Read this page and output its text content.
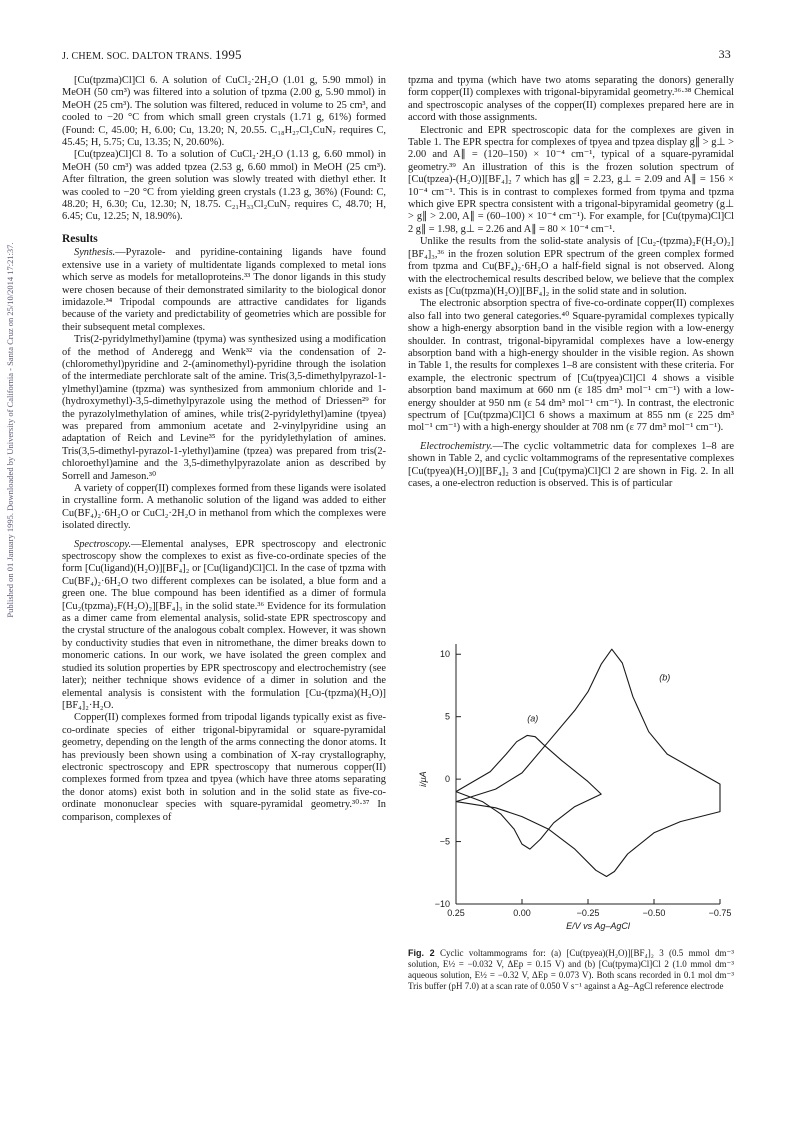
J. CHEM. SOC. DALTON TRANS. 1995	33
Published on 01 January 1995. Downloaded by University of California - Santa Cruz on 25/10/2014 17:21:37.

[Cu(tpzma)Cl]Cl 6. A solution of CuCl₂·2H₂O (1.01 g, 5.90 mmol) in MeOH (50 cm³) was filtered into a solution of tpzma (2.00 g, 5.90 mmol) in MeOH (25 cm³). The solution was filtered, reduced in volume to 25 cm³, and cooled to −20 °C from which small green crystals (1.71 g, 61%) formed (Found: C, 45.00; H, 6.00; Cu, 13.20; N, 20.55. C₁₈H₂₇Cl₂CuN₇ requires C, 45.45; H, 5.75; Cu, 13.35; N, 20.60%).

[Cu(tpzea)Cl]Cl 8. To a solution of CuCl₂·2H₂O (1.13 g, 6.60 mmol) in MeOH (50 cm³) was added tpzea (2.53 g, 6.60 mmol) in MeOH (25 cm³). After filtration, the green solution was slowly treated with diethyl ether. It was cooled to −20 °C from yielding green crystals (1.23 g, 36%) (Found: C, 48.20; H, 6.30; Cu, 12.30; N, 18.75. C₂₁H₃₃Cl₂CuN₇ requires C, 48.70; H, 6.45; Cu, 12.25; N, 18.90%).

Results

Synthesis.—Pyrazole- and pyridine-containing ligands have found extensive use in a variety of multidentate ligands complexed to metal ions which serve as models for metalloproteins.³³ The donor ligands in this study were chosen because of their demonstrated similarity to the biological donor imidazole.³⁴ Tripodal compounds are attractive candidates for ligands because of the variety and predictability of geometries which are possible for their subsequent metal complexes.

Tris(2-pyridylmethyl)amine (tpyma) was synthesized using a modification of the method of Anderegg and Wenk³² via the condensation of 2-(chloromethyl)pyridine and 2-(aminomethyl)-pyridine through the isolation of the intermediate perchlorate salt of the amine. Tris(3,5-dimethylpyrazol-1-ylmethyl)amine (tpzma) was synthesized from ammonium chloride and 1-(hydroxymethyl)-3,5-dimethylpyrazole using the method of Driessen²⁹ for the pyrazolylmethylation of amines, while tris(2-pyridylethyl)amine (tpyea) was prepared from ammonium acetate and 2-vinylpyridine using an adaptation of Reich and Levine³⁵ for the pyridylethylation of amines. Tris(3,5-dimethyl-pyrazol-1-ylethyl)amine (tpzea) was prepared from tris(2-chloroethyl)amine and the 3,5-dimethylpyrazolate anion as described by Sorrell and Jameson.³⁰

A variety of copper(II) complexes formed from these ligands were isolated in crystalline form. A methanolic solution of the ligand was added to either Cu(BF₄)₂·6H₂O or CuCl₂·2H₂O in methanol from which the complexes were isolated directly.

Spectroscopy.—Elemental analyses, EPR spectroscopy and electronic spectroscopy show the complexes to exist as five-co-ordinate species of the form [Cu(ligand)(H₂O)][BF₄]₂ or [Cu(ligand)Cl]Cl. In the case of tpzma with Cu(BF₄)₂·6H₂O two different complexes can be isolated, a blue form and a green one. The blue compound has been identified as a dimer of formula [Cu₂(tpzma)₂F(H₂O)₂][BF₄]₃ in the solid state.³⁶ Evidence for its formulation as a dimer came from elemental analysis, solid-state EPR spectroscopy and the crystal structure of the analogous cobalt complex. However, it was shown by conductivity studies that even in nitromethane, the dimer breaks down to monomeric cations. In our work, we have isolated the green complex and studied its solution properties by EPR spectroscopy and electrochemistry (see later); neither technique shows evidence of a dimer in solution and the elemental analysis is consistent with the formulation [Cu-(tpzma)(H₂O)][BF₄]₂·H₂O.

Copper(II) complexes formed from tripodal ligands typically exist as five-co-ordinate species of either trigonal-bipyramidal or square-pyramidal geometry, depending on the length of the arms connecting the donor atoms. It has previously been shown using a combination of X-ray crystallography, electronic spectroscopy and EPR spectroscopy that numerous copper(II) complexes formed from tpzea and tpyea (which have three atoms separating the donor atoms) exist both in solution and in the solid state as five-co-ordinate mononuclear species with square-pyramidal geometry.³⁰·³⁷ In comparison, complexes of

tpzma and tpyma (which have two atoms separating the donors) generally form copper(II) complexes with trigonal-bipyramidal geometry.³⁶·³⁸ Chemical and spectroscopic analyses of the copper(II) complexes prepared here are in accord with those assignments.

Electronic and EPR spectroscopic data for the complexes are given in Table 1. The EPR spectra for complexes of tpyea and tpzea display g∥ > g⊥ > 2.00 and A∥ = (120–150) × 10⁻⁴ cm⁻¹, typical of a square-pyramidal geometry.³⁹ An illustration of this is the frozen solution spectrum of [Cu(tpzea)-(H₂O)][BF₄]₂ 7 which has g∥ = 2.23, g⊥ = 2.09 and A∥ = 156 × 10⁻⁴ cm⁻¹. This is in contrast to complexes formed from tpyma and tpzma which give EPR spectra consistent with a trigonal-bipyramidal geometry (g⊥ > g∥ > 2.00, A∥ = (60–100) × 10⁻⁴ cm⁻¹). For example, for [Cu(tpyma)Cl]Cl 2 g∥ = 1.98, g⊥ = 2.26 and A∥ = 80 × 10⁻⁴ cm⁻¹.

Unlike the results from the solid-state analysis of [Cu₂-(tpzma)₂F(H₂O)₂][BF₄]₃,³⁶ in the frozen solution EPR spectrum of the green complex formed from tpzma and Cu(BF₄)₂·6H₂O a half-field signal is not observed. Along with the electrochemical results described below, we believe that the complex exists as [Cu(tpzma)(H₂O)][BF₄]₂ in the solid state and in solution.

The electronic absorption spectra of five-co-ordinate copper(II) complexes also fall into two general categories.⁴⁰ Square-pyramidal complexes typically show a high-energy absorption band in the visible region with a low-energy shoulder. In contrast, trigonal-bipyramidal complexes have a low-energy absorption band with a high-energy shoulder in the visible region. As shown in Table 1, the results for complexes 1–8 are consistent with these criteria. For example, the electronic spectrum of [Cu(tpyea)Cl]Cl 4 shows a visible absorption band maximum at 660 nm (ε 185 dm³ mol⁻¹ cm⁻¹) with a low-energy shoulder at 950 nm (ε 54 dm³ mol⁻¹ cm⁻¹). In contrast, the electronic spectrum of [Cu(tpzma)Cl]Cl 6 shows a maximum at 855 nm (ε 225 dm³ mol⁻¹ cm⁻¹) with a high-energy shoulder at 708 nm (ε 77 dm³ mol⁻¹ cm⁻¹).

Electrochemistry.—The cyclic voltammetric data for complexes 1–8 are shown in Table 2, and cyclic voltammograms of the representative complexes [Cu(tpyea)(H₂O)][BF₄]₂ 3 and [Cu(tpyma)Cl]Cl 2 are shown in Fig. 2. In all cases, a one-electron reduction is observed. This is of particular

10
5
0
−5
−10
0.25	0.00	−0.25	−0.50	−0.75
E/V vs Ag–AgCl
i/μA
(a)
(b)
Fig. 2 Cyclic voltammograms for: (a) [Cu(tpyea)(H₂O)][BF₄]₂ 3 (0.5 mmol dm⁻³ solution, E½ = −0.032 V, ΔEp = 0.15 V) and (b) [Cu(tpyma)Cl]Cl 2 (1.0 mmol dm⁻³ aqueous solution, E½ = −0.32 V, ΔEp = 0.073 V). Both scans recorded in 0.1 mol dm⁻³ Tris buffer (pH 7.0) at a scan rate of 0.050 V s⁻¹ against a Ag–AgCl reference electrode
